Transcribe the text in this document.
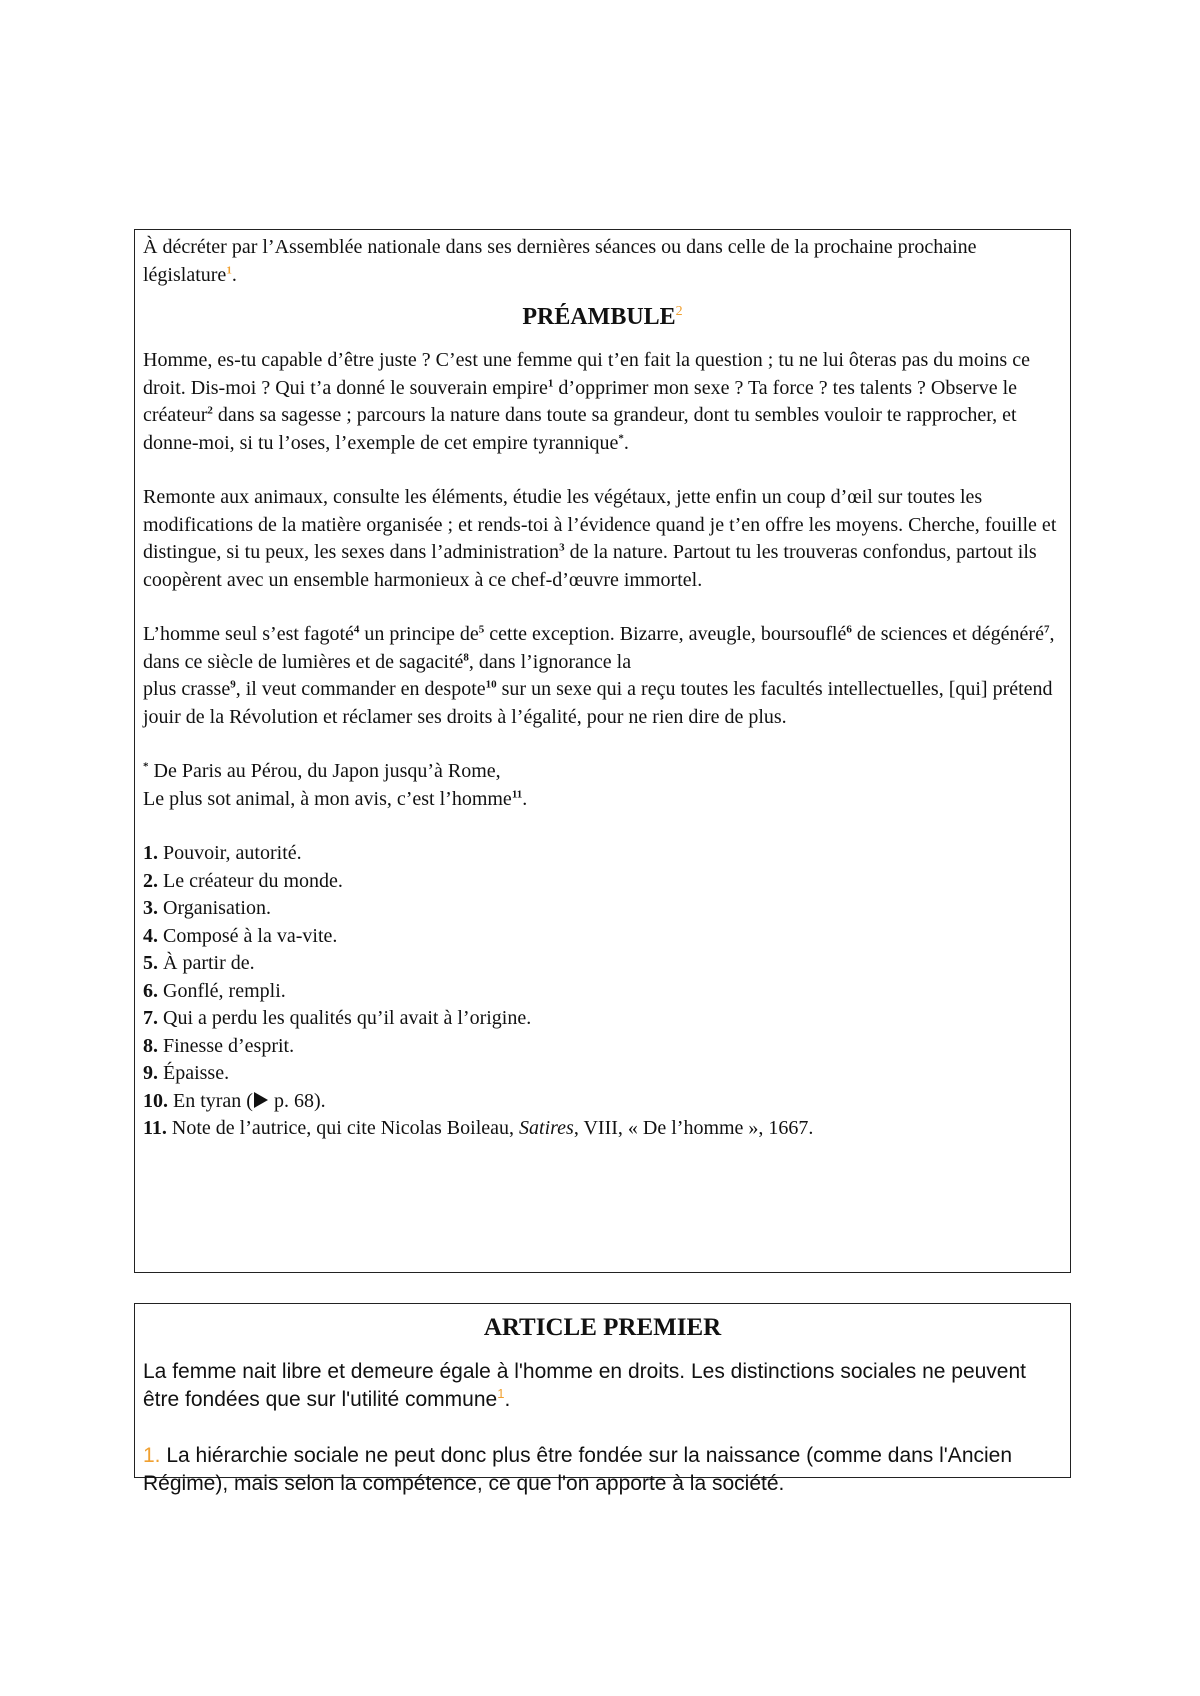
À décréter par l’Assemblée nationale dans ses dernières séances ou dans celle de la prochaine prochaine législature$^1$.

PRÉAMBULE$^2$

Homme, es-tu capable d’être juste ? C’est une femme qui t’en fait la question ; tu ne lui ôteras pas du moins ce droit. Dis-moi ? Qui t’a donné le souverain empire$^1$ d’opprimer mon sexe ? Ta force ? tes talents ? Observe le créateur$^2$ dans sa sagesse ; parcours la nature dans toute sa grandeur, dont tu sembles vouloir te rapprocher, et
donne-moi, si tu l’oses, l’exemple de cet empire tyrannique*.

Remonte aux animaux, consulte les éléments, étudie les végétaux, jette enfin un coup d’œil sur toutes les modifications de la matière organisée ; et rends-toi à l’évidence quand je t’en offre les moyens. Cherche, fouille et distingue, si tu peux, les sexes dans l’administration$^3$ de la nature. Partout tu les trouveras confondus, partout ils coopèrent avec un ensemble harmonieux à ce chef-d’œuvre immortel.

L’homme seul s’est fagoté$^4$ un principe $de^5$ cette exception. Bizarre, aveugle, boursouflé$^6$ de sciences et dégénéré$^7$, dans ce siècle de lumières et de sagacité$^8$, dans l’ignorance la
plus crasse$^9$, il veut commander en despote$^{10}$ sur un sexe qui a reçu toutes les facultés intellectuelles, [qui] prétend jouir de la Révolution et réclamer ses droits à l’égalité, pour ne rien dire de plus.

* De Paris au Pérou, du Japon jusqu’à Rome,
Le plus sot animal, à mon avis, c’est l’homme$^{11}$.

1. Pouvoir, autorité.

2. Le créateur du monde.

3. Organisation.

4. Composé à la va-vite.

5. À partir de.

6. Gonflé, rempli.

7. Qui a perdu les qualités qu’il avait à l’origine.

8. Finesse d’esprit.

9. Épaisse.

10. En tyran ( p. 68).

11. Note de l’autrice, qui cite Nicolas Boileau, Satires, VIII, « De l’homme », 1667.

ARTICLE PREMIER

La femme nait libre et demeure égale à l'homme en droits. Les distinctions sociales ne peuvent être fondées que sur l'utilité commune$^1$.

1. La hiérarchie sociale ne peut donc plus être fondée sur la naissance (comme dans l'Ancien Régime), mais selon la compétence, ce que l'on apporte à la société.
